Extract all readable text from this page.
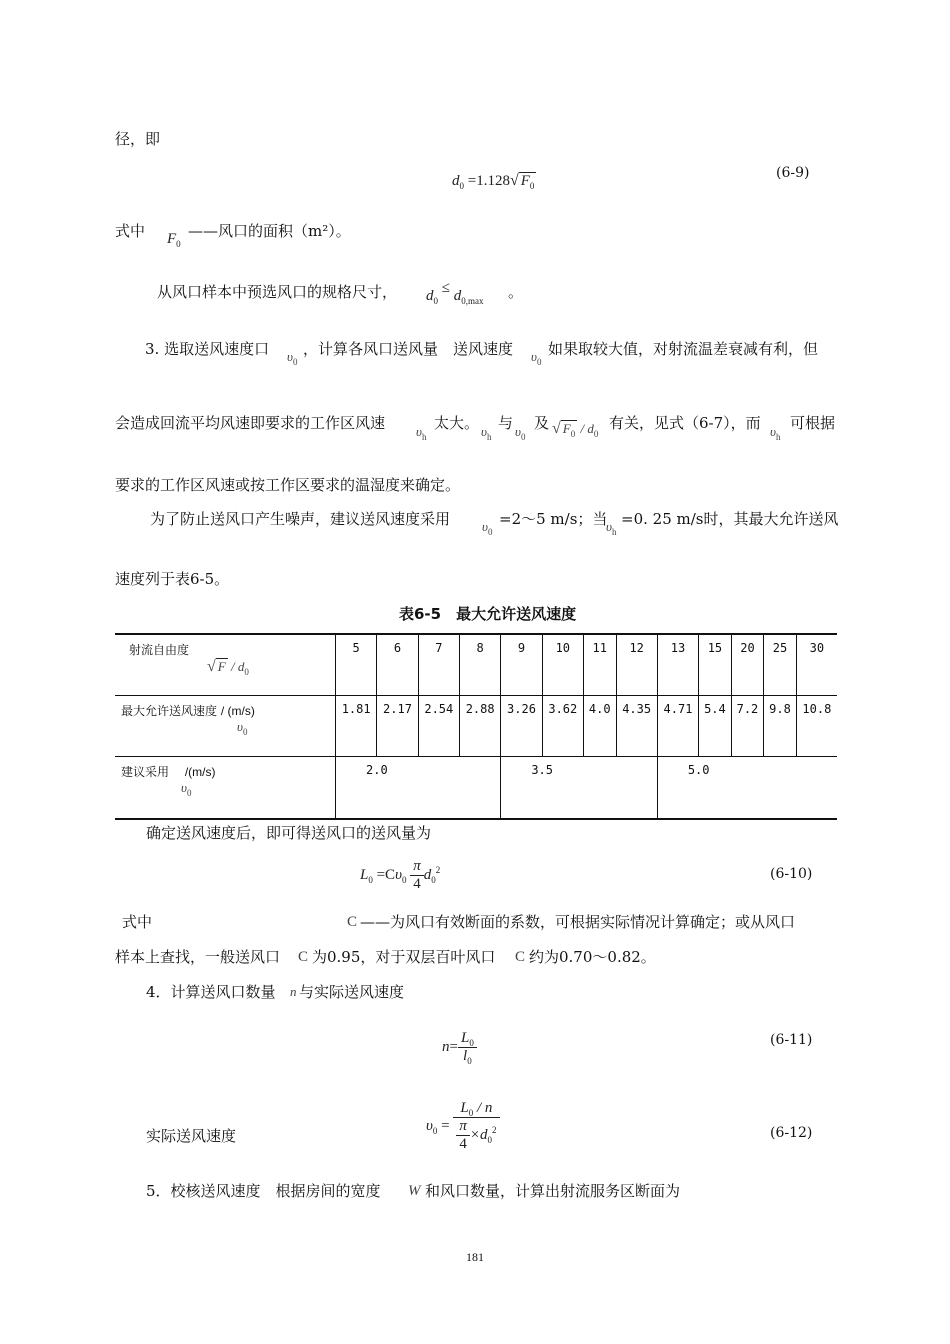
径，即
$d_0 =1.128√$ $F_0$
(6-9)
式中 $F_0$
——风口的面积（m²）。
从风口样本中预选风口的规格尺寸， $d_0 \le d_{0,max}$ 。
3. 选取送风速度口 $\upsilon_0$
，计算各风口送风量　送风速度 $\upsilon_0$
如果取较大值，对射流温差衰减有利，但
会造成回流平均风速即要求的工作区风速 $\upsilon_h$
太大。 $\upsilon_h$
与 $\upsilon_0$
及 √ $F_0 / d_0$
有关，见式（6-7），而 $\upsilon_h$
可根据
要求的工作区风速或按工作区要求的温湿度来确定。
为了防止送风口产生噪声，建议送风速度采用 $\upsilon_0$
=2～5 m/s；当
$\upsilon_h$
=0. 25 m/s时，其最大允许送风
速度列于表6-5。
表6-5　最大允许送风速度
射流自由度
√ F / $d_0$	5	6	7	8	9	10	11	12	13	15	20	25	30
最大允许送风速度 / (m/s)
$\upsilon_0$	1.81	2.17	2.54	2.88	3.26	3.62	4.0	4.35	4.71	5.4	7.2	9.8	10.8
建议采用 /(m/s)
$\upsilon_0$	2.0				3.5				5.0				
确定送风速度后，即可得送风口的送风量为
$L_0 =C\upsilon_0 \frac{\pi}{4} d_0^2$	(6-10)
式中	C ——为风口有效断面的系数，可根据实际情况计算确定；或从风口
样本上查找，一般送风口 C 为0.95，对于双层百叶风口 C 约为0.70～0.82。
4．计算送风口数量 n 与实际送风速度
$n= \frac{L_0}{l_0}$	(6-11)
实际送风速度
$\upsilon_0 = \frac{L_0 / n}{\frac{\pi}{4} \times d_0^2}$	(6-12)
5．校核送风速度　根据房间的宽度 W 和风口数量，计算出射流服务区断面为
181
